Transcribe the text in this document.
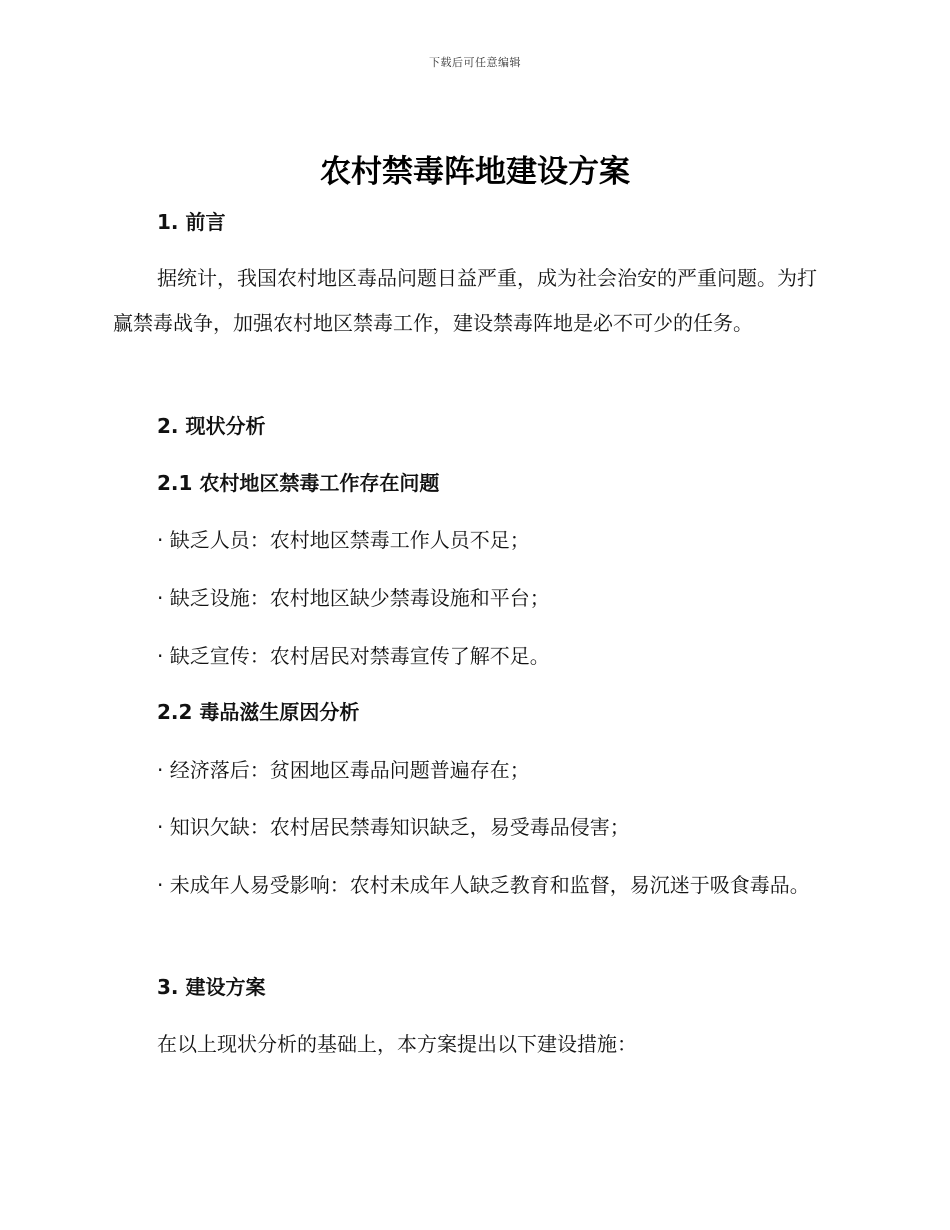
下载后可任意编辑
农村禁毒阵地建设方案
1. 前言

据统计，我国农村地区毒品问题日益严重，成为社会治安的严重问题。为打赢禁毒战争，加强农村地区禁毒工作，建设禁毒阵地是必不可少的任务。

2. 现状分析
2.1 农村地区禁毒工作存在问题
· 缺乏人员：农村地区禁毒工作人员不足；
· 缺乏设施：农村地区缺少禁毒设施和平台；
· 缺乏宣传：农村居民对禁毒宣传了解不足。
2.2 毒品滋生原因分析
· 经济落后：贫困地区毒品问题普遍存在；
· 知识欠缺：农村居民禁毒知识缺乏，易受毒品侵害；

· 未成年人易受影响：农村未成年人缺乏教育和监督，易沉迷于吸食毒品。

3. 建设方案
在以上现状分析的基础上，本方案提出以下建设措施：
